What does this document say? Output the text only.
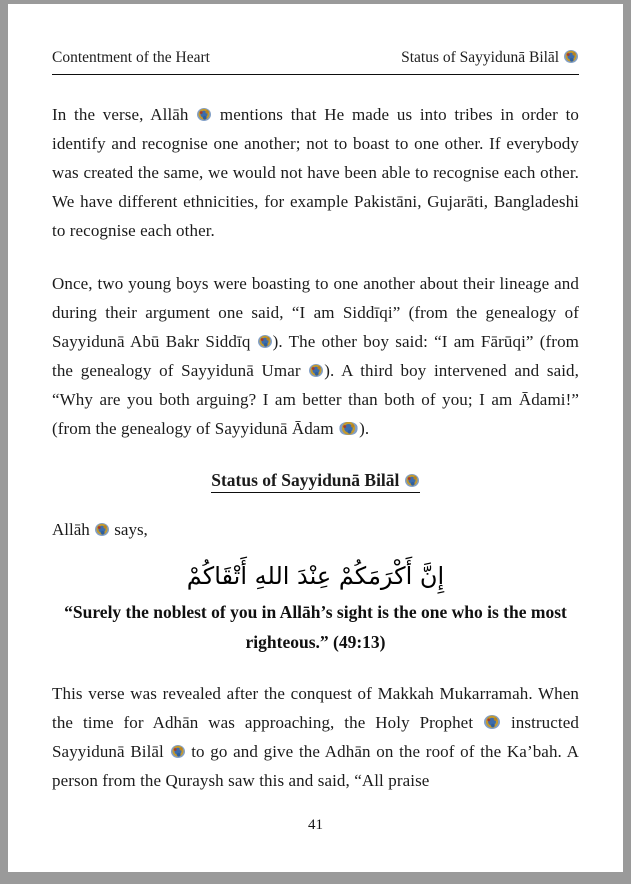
Contentment of the Heart	Status of Sayyidunā Bilāl

In the verse, Allāh  mentions that He made us into tribes in order to identify and recognise one another; not to boast to one other. If everybody was created the same, we would not have been able to recognise each other. We have different ethnicities, for example Pakistāni, Gujarāti, Bangladeshi to recognise each other.

Once, two young boys were boasting to one another about their lineage and during their argument one said, “I am Siddīqi” (from the genealogy of Sayyidunā Abū Bakr Siddīq ). The other boy said: “I am Fārūqi” (from the genealogy of Sayyidunā Umar ). A third boy intervened and said, “Why are you both arguing? I am better than both of you; I am Ādami!” (from the genealogy of Sayyidunā Ādam ).

Status of Sayyidunā Bilāl

Allāh  says,

إِنَّ أَكْرَمَكُمْ عِنْدَ اللهِ أَتْقَاكُمْ
“Surely the noblest of you in Allāh’s sight is the one who is the most righteous.” (49:13)

This verse was revealed after the conquest of Makkah Mukarramah. When the time for Adhān was approaching, the Holy Prophet  instructed Sayyidunā Bilāl  to go and give the Adhān on the roof of the Ka’bah. A person from the Quraysh saw this and said, “All praise

41
